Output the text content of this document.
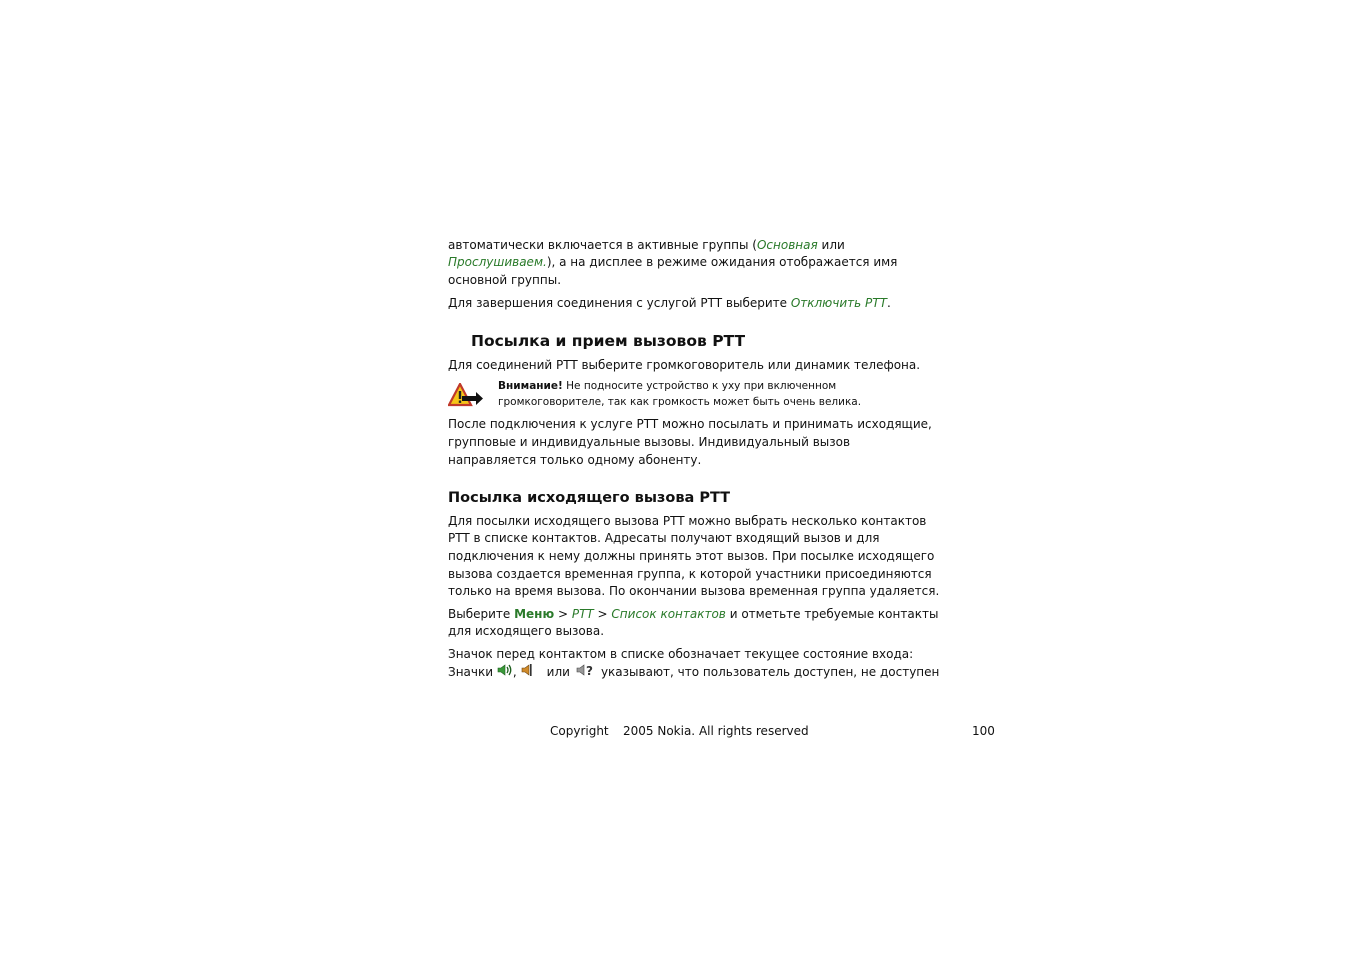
автоматически включается в активные группы (Основная или
Прослушиваем.), а на дисплее в режиме ожидания отображается имя
основной группы.
Для завершения соединения с услугой PTT выберите Отключить PTT.
Посылка и прием вызовов PTT
Для соединений PTT выберите громкоговоритель или динамик телефона.
Внимание! Не подносите устройство к уху при включенном
громкоговорителе, так как громкость может быть очень велика.
После подключения к услуге PTT можно посылать и принимать исходящие,
групповые и индивидуальные вызовы. Индивидуальный вызов
направляется только одному абоненту.
Посылка исходящего вызова PTT
Для посылки исходящего вызова PTT можно выбрать несколько контактов
PTT в списке контактов. Адресаты получают входящий вызов и для
подключения к нему должны принять этот вызов. При посылке исходящего
вызова создается временная группа, к которой участники присоединяются
только на время вызова. По окончании вызова временная группа удаляется.
Выберите Меню > PTT > Список контактов и отметьте требуемые контакты
для исходящего вызова.
Значок перед контактом в списке обозначает текущее состояние входа:
Значки ,	или ? указывают, что пользователь доступен, не доступен
Copyright 2005 Nokia. All rights reserved	100
